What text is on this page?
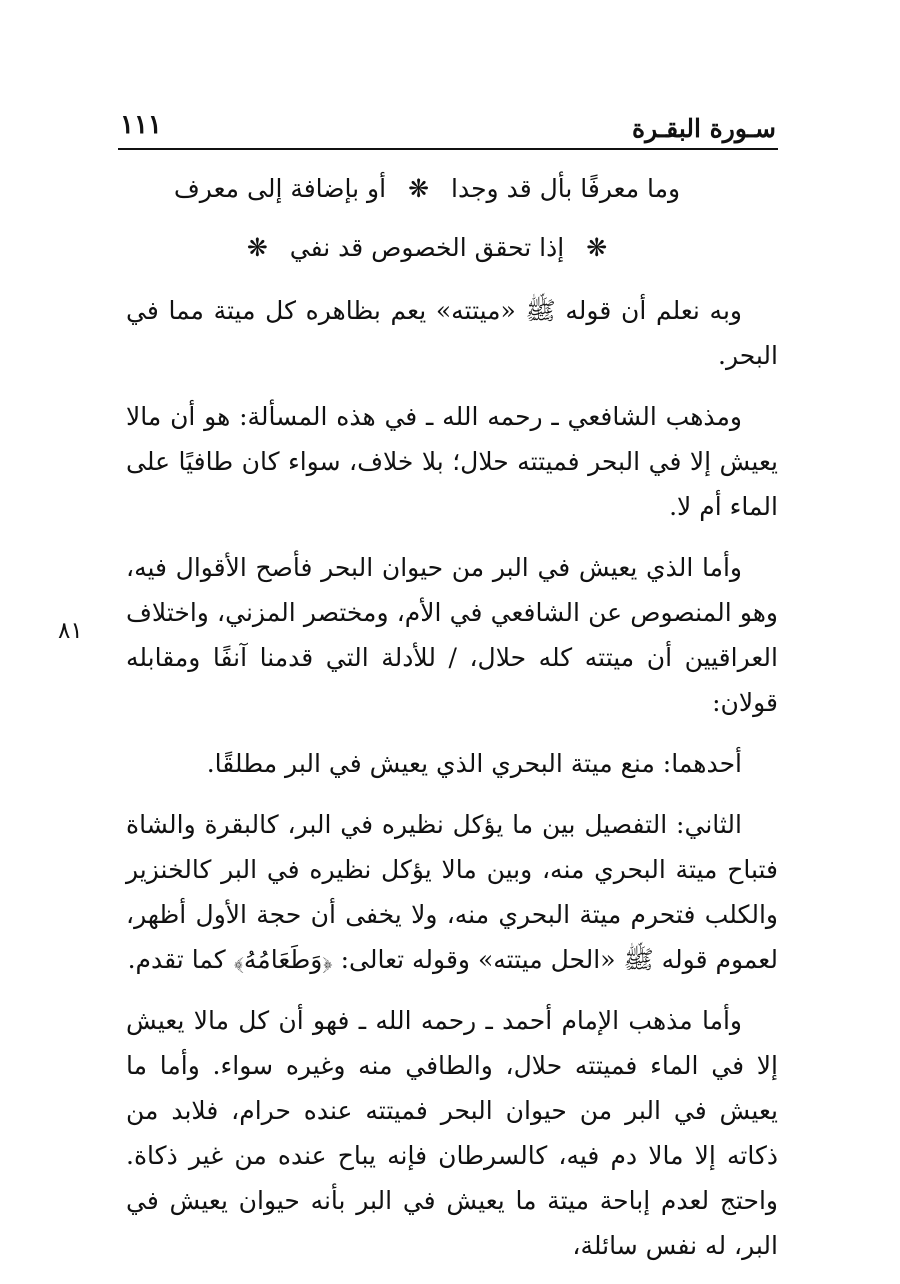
سـورة البقـرة
١١١
وما معرفًا بأل قد وجدا❋أو بإضافة إلى معرف
❋إذا تحقق الخصوص قد نفي❋

وبه نعلم أن قوله ﷺ «ميتته» يعم بظاهره كل ميتة مما في البحر.

ومذهب الشافعي ـ رحمه الله ـ في هذه المسألة: هو أن مالا يعيش إلا في البحر فميتته حلال؛ بلا خلاف، سواء كان طافيًا على الماء أم لا.

وأما الذي يعيش في البر من حيوان البحر فأصح الأقوال فيه، وهو المنصوص عن الشافعي في الأم، ومختصر المزني، واختلاف العراقيين أن ميتته كله حلال، / للأدلة التي قدمنا آنفًا ومقابله قولان:

أحدهما: منع ميتة البحري الذي يعيش في البر مطلقًا.

الثاني: التفصيل بين ما يؤكل نظيره في البر، كالبقرة والشاة فتباح ميتة البحري منه، وبين مالا يؤكل نظيره في البر كالخنزير والكلب فتحرم ميتة البحري منه، ولا يخفى أن حجة الأول أظهر، لعموم قوله ﷺ «الحل ميتته» وقوله تعالى: ﴿وَطَعَامُهُ﴾ كما تقدم.

وأما مذهب الإمام أحمد ـ رحمه الله ـ فهو أن كل مالا يعيش إلا في الماء فميتته حلال، والطافي منه وغيره سواء. وأما ما يعيش في البر من حيوان البحر فميتته عنده حرام، فلابد من ذكاته إلا مالا دم فيه، كالسرطان فإنه يباح عنده من غير ذكاة. واحتج لعدم إباحة ميتة ما يعيش في البر بأنه حيوان يعيش في البر، له نفس سائلة،

٨١
